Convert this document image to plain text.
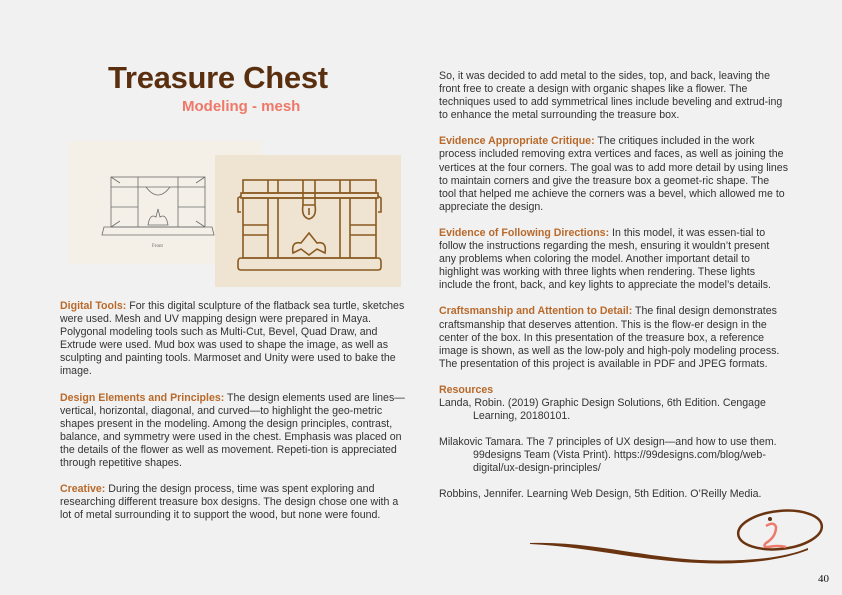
Treasure Chest
Modeling - mesh
Front

Digital Tools: For this digital sculpture of the flatback sea turtle, sketches were used. Mesh and UV mapping design were prepared in Maya. Polygonal modeling tools such as Multi-Cut, Bevel, Quad Draw, and Extrude were used. Mud box was used to shape the image, as well as sculpting and painting tools. Marmoset and Unity were used to bake the image.

Design Elements and Principles: The design elements used are lines—vertical, horizontal, diagonal, and curved—to highlight the geo-metric shapes present in the modeling. Among the design principles, contrast, balance, and symmetry were used in the chest. Emphasis was placed on the details of the flower as well as movement. Repeti-tion is appreciated through repetitive shapes.

Creative: During the design process, time was spent exploring and researching different treasure box designs. The design chose one with a lot of metal surrounding it to support the wood, but none were found.

So, it was decided to add metal to the sides, top, and back, leaving the front free to create a design with organic shapes like a flower. The techniques used to add symmetrical lines include beveling and extrud-ing to enhance the metal surrounding the treasure box.

Evidence Appropriate Critique: The critiques included in the work process included removing extra vertices and faces, as well as joining the vertices at the four corners. The goal was to add more detail by using lines to maintain corners and give the treasure box a geomet-ric shape. The tool that helped me achieve the corners was a bevel, which allowed me to appreciate the design.

Evidence of Following Directions: In this model, it was essen-tial to follow the instructions regarding the mesh, ensuring it wouldn’t present any problems when coloring the model. Another important detail to highlight was working with three lights when rendering. These lights include the front, back, and key lights to appreciate the model’s details.

Craftsmanship and Attention to Detail: The final design demonstrates craftsmanship that deserves attention. This is the flow-er design in the center of the box. In this presentation of the treasure box, a reference image is shown, as well as the low-poly and high-poly modeling process. The presentation of this project is available in PDF and JPEG formats.

Resources

Landa, Robin. (2019) Graphic Design Solutions, 6th Edition. Cengage Learning, 20180101.

Milakovic Tamara. The 7 principles of UX design—and how to use them. 99designs Team (Vista Print). https://99designs.com/blog/web-digital/ux-design-principles/

Robbins, Jennifer. Learning Web Design, 5th Edition. O’Reilly Media.

40
